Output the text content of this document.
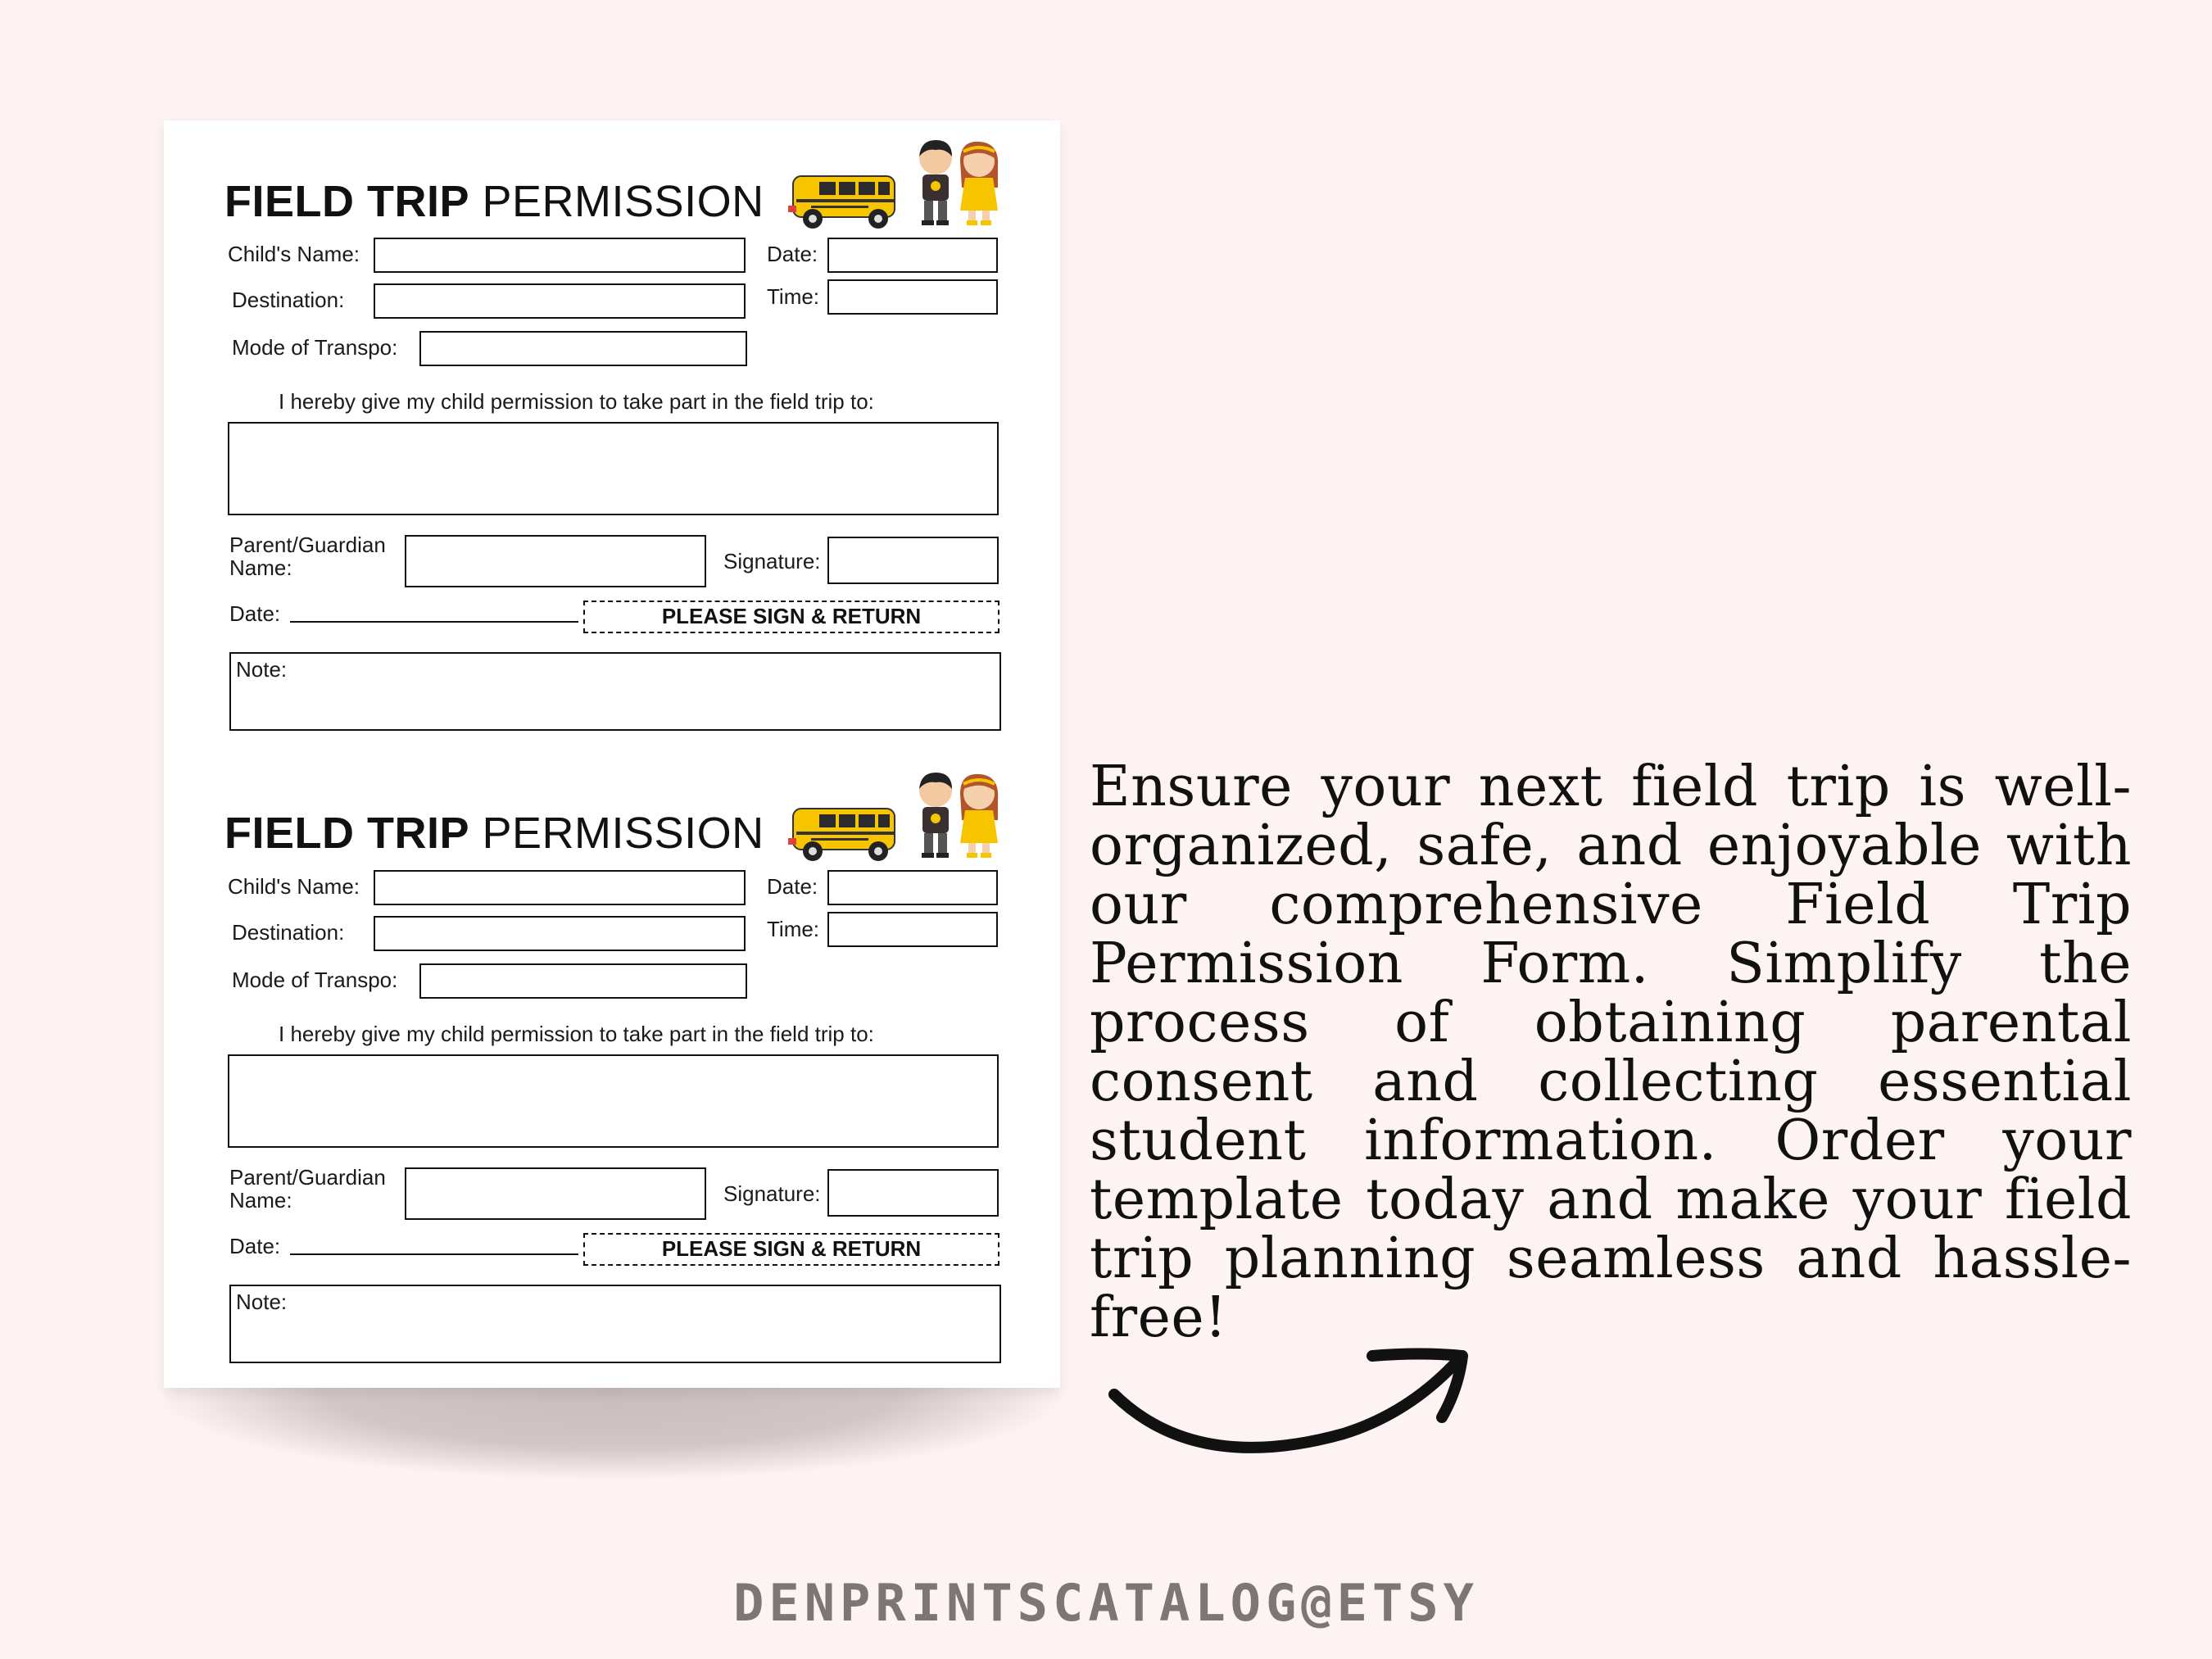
FIELD TRIP PERMISSION
Child's Name:	Date:
Destination:	Time:
Mode of Transpo:
I hereby give my child permission to take part in the field trip to:
Parent/Guardian
Name:	Signature:
Date:	PLEASE SIGN & RETURN
Note:
FIELD TRIP PERMISSION
Child's Name:	Date:
Destination:	Time:
Mode of Transpo:
I hereby give my child permission to take part in the field trip to:
Parent/Guardian
Name:	Signature:
Date:	PLEASE SIGN & RETURN
Note:
Ensure your next field trip is well-organized, safe, and enjoyable with our comprehensive Field Trip Permission Form. Simplify the process of obtaining parental consent and collecting essential student information. Order your template today and make your field trip planning seamless and hassle-free!
DENPRINTSCATALOG@ETSY
